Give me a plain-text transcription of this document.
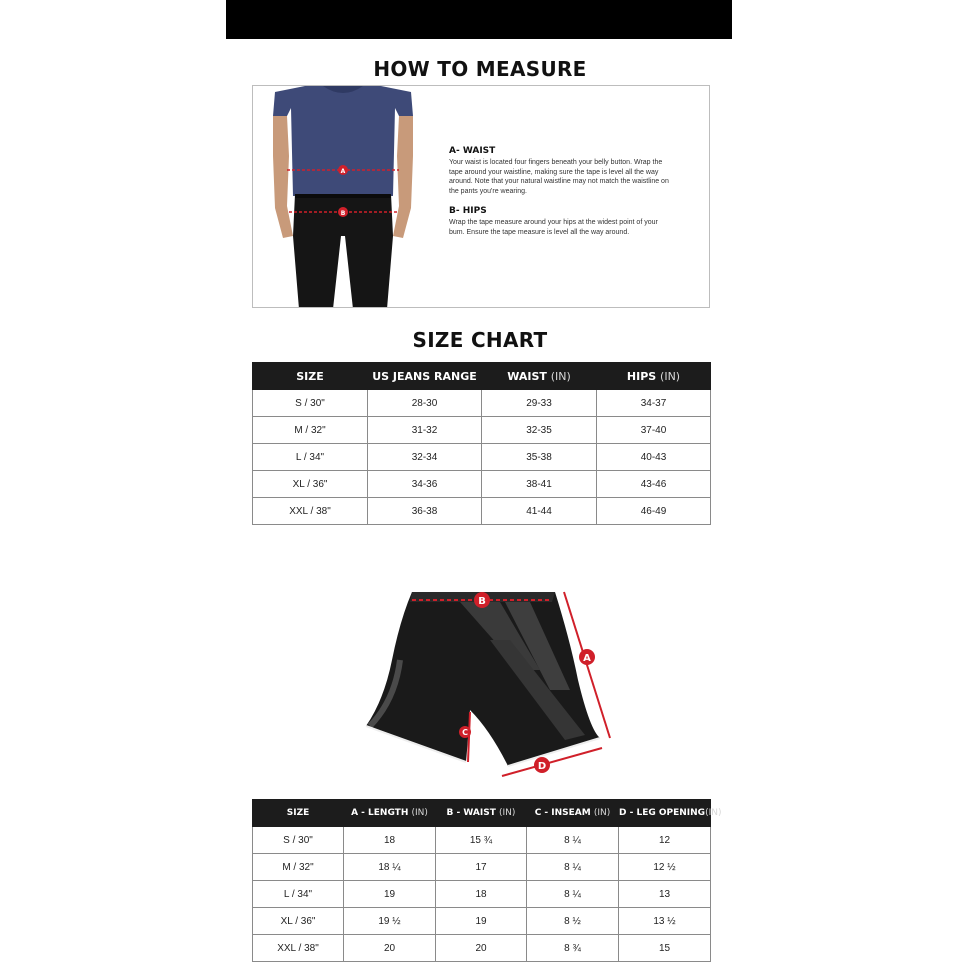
HOW TO MEASURE
A
B
A- WAIST
Your waist is located four fingers beneath your belly button. Wrap the tape around your waistline, making sure the tape is level all the way around. Note that your natural waistline may not match the waistline on the pants you're wearing.
B- HIPS
Wrap the tape measure around your hips at the widest point of your bum. Ensure the tape measure is level all the way around.
SIZE CHART
SIZE	US JEANS RANGE	WAIST (IN)	HIPS (IN)
S / 30"	28-30	29-33	34-37
M / 32"	31-32	32-35	37-40
L / 34"	32-34	35-38	40-43
XL / 36"	34-36	38-41	43-46
XXL / 38"	36-38	41-44	46-49
B
A
C
D
SIZE	A - LENGTH (IN)	B - WAIST (IN)	C - INSEAM (IN)	D - LEG OPENING(IN)
S / 30"	18	15 ¾	8 ¼	12
M / 32"	18 ¼	17	8 ¼	12 ½
L / 34"	19	18	8 ¼	13
XL / 36"	19 ½	19	8 ½	13 ½
XXL / 38"	20	20	8 ¾	15
